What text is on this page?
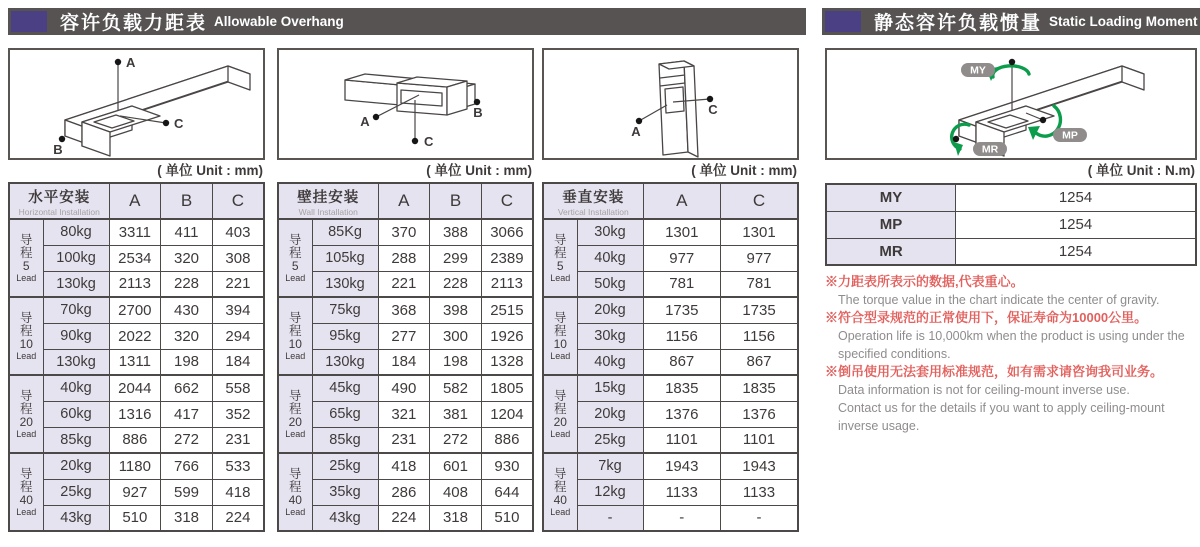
容许负载力距表 Allowable Overhang	静态容许负载惯量 Static Loading Moment
A
B
C
( 单位 Unit : mm)
水平安装
Horizontal Installation		A	B	C

导
程
5
Lead	80kg	3311	411	403
	100kg	2534	320	308
	130kg	2113	228	221

导
程
10
Lead	70kg	2700	430	394
	90kg	2022	320	294
	130kg	1311	198	184

导
程
20
Lead	40kg	2044	662	558
	60kg	1316	417	352
	85kg	886	272	231

导
程
40
Lead	20kg	1180	766	533
	25kg	927	599	418
	43kg	510	318	224
A
B
C
( 单位 Unit : mm)
壁挂安装
Wall Installation		A	B	C

导
程
5
Lead	85Kg	370	388	3066
	105kg	288	299	2389
	130kg	221	228	2113

导
程
10
Lead	75kg	368	398	2515
	95kg	277	300	1926
	130kg	184	198	1328

导
程
20
Lead	45kg	490	582	1805
	65kg	321	381	1204
	85kg	231	272	886

导
程
40
Lead	25kg	418	601	930
	35kg	286	408	644
	43kg	224	318	510
A
C
( 单位 Unit : mm)
垂直安装
Vertical Installation		A	C

导
程
5
Lead	30kg	1301	1301
	40kg	977	977
	50kg	781	781

导
程
10
Lead	20kg	1735	1735
	30kg	1156	1156
	40kg	867	867

导
程
20
Lead	15kg	1835	1835
	20kg	1376	1376
	25kg	1101	1101

导
程
40
Lead	7kg	1943	1943
	12kg	1133	1133
	-	-	-
MY
MP
MR
( 单位 Unit : N.m)
MY	1254
MP	1254
MR	1254
※力距表所表示的数据,代表重心。
The torque value in the chart indicate the center of gravity.
※符合型录规范的正常使用下，保证寿命为10000公里。
Operation life is 10,000km when the product is using under the
specified conditions.
※倒吊使用无法套用标准规范，如有需求请咨询我司业务。
Data information is not for ceiling-mount inverse use.
Contact us for the details if you want to apply ceiling-mount
inverse usage.
